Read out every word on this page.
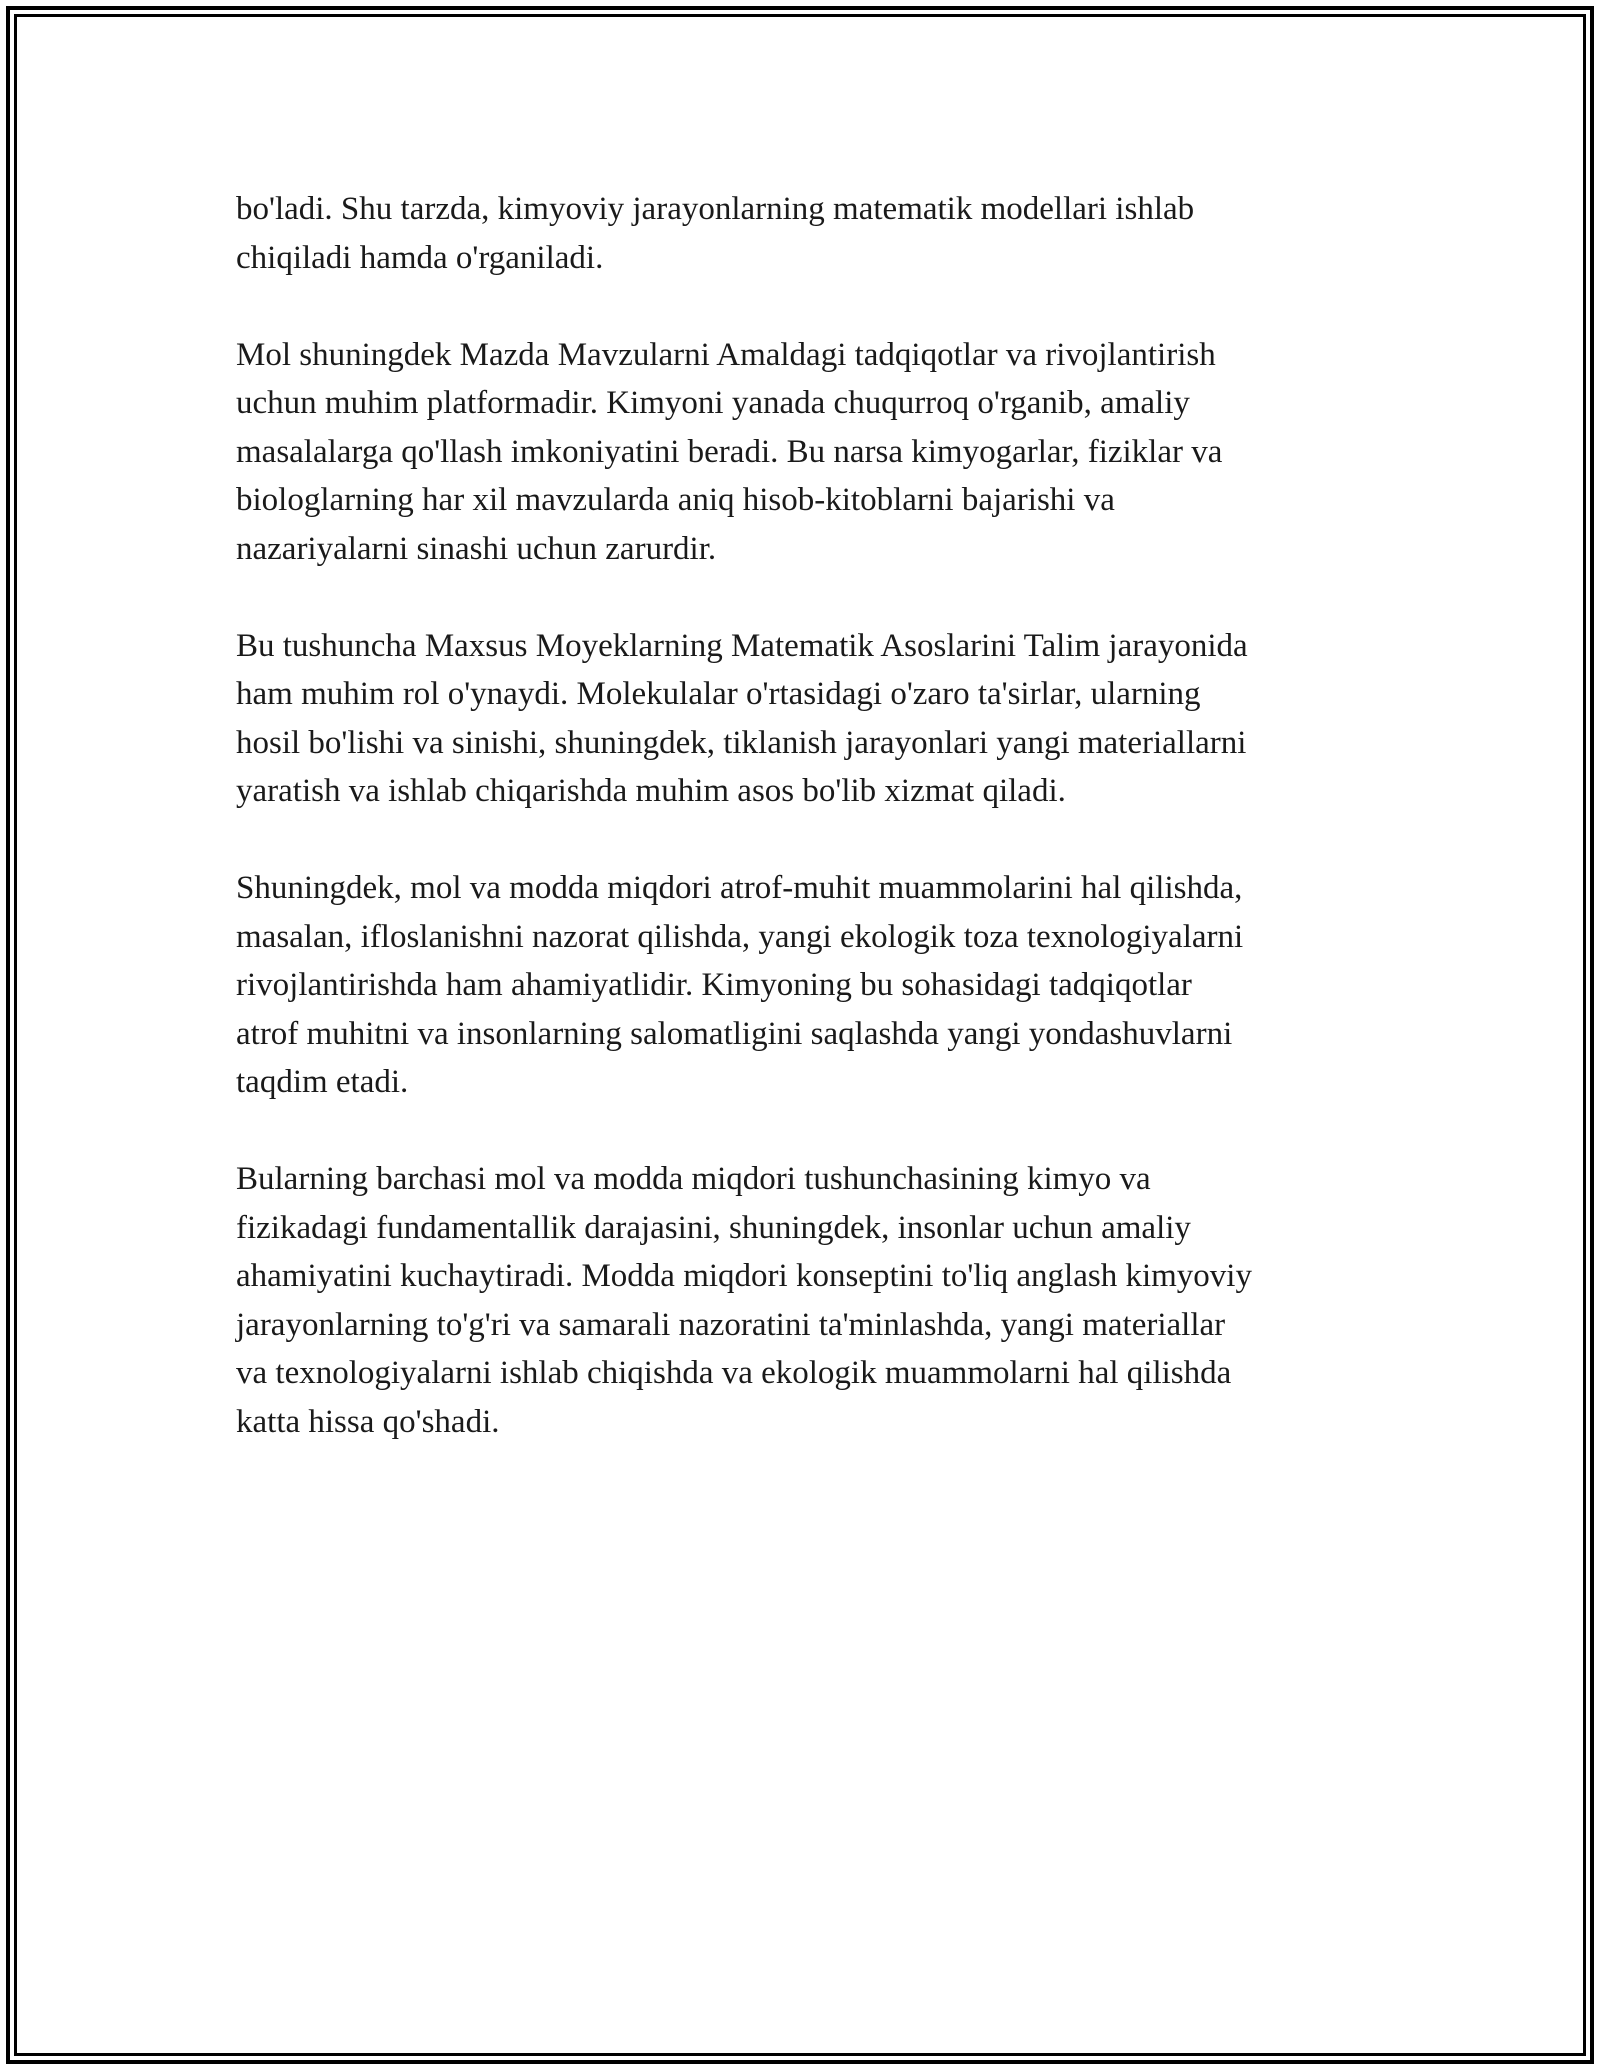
bo'ladi. Shu tarzda, kimyoviy jarayonlarning matematik modellari ishlab
chiqiladi hamda o'rganiladi.

Mol shuningdek Mazda Mavzularni Amaldagi tadqiqotlar va rivojlantirish
uchun muhim platformadir. Kimyoni yanada chuqurroq o'rganib, amaliy
masalalarga qo'llash imkoniyatini beradi. Bu narsa kimyogarlar, fiziklar va
biologlarning har xil mavzularda aniq hisob-kitoblarni bajarishi va
nazariyalarni sinashi uchun zarurdir.

Bu tushuncha Maxsus Moyeklarning Matematik Asoslarini Talim jarayonida
ham muhim rol o'ynaydi. Molekulalar o'rtasidagi o'zaro ta'sirlar, ularning
hosil bo'lishi va sinishi, shuningdek, tiklanish jarayonlari yangi materiallarni
yaratish va ishlab chiqarishda muhim asos bo'lib xizmat qiladi.

Shuningdek, mol va modda miqdori atrof-muhit muammolarini hal qilishda,
masalan, ifloslanishni nazorat qilishda, yangi ekologik toza texnologiyalarni
rivojlantirishda ham ahamiyatlidir. Kimyoning bu sohasidagi tadqiqotlar
atrof muhitni va insonlarning salomatligini saqlashda yangi yondashuvlarni
taqdim etadi.

Bularning barchasi mol va modda miqdori tushunchasining kimyo va
fizikadagi fundamentallik darajasini, shuningdek, insonlar uchun amaliy
ahamiyatini kuchaytiradi. Modda miqdori konseptini to'liq anglash kimyoviy
jarayonlarning to'g'ri va samarali nazoratini ta'minlashda, yangi materiallar
va texnologiyalarni ishlab chiqishda va ekologik muammolarni hal qilishda
katta hissa qo'shadi.
